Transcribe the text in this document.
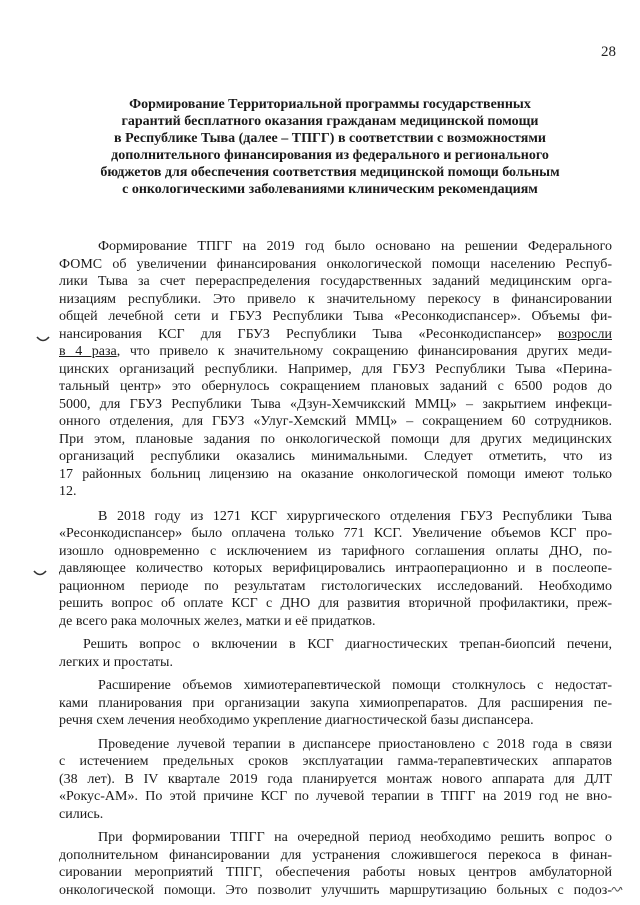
28
Формирование Территориальной программы государственных
гарантий бесплатного оказания гражданам медицинской помощи
в Республике Тыва (далее – ТПГГ) в соответствии с возможностями
дополнительного финансирования из федерального и регионального
бюджетов для обеспечения соответствия медицинской помощи больным
с онкологическими заболеваниями клиническим рекомендациям
Формирование ТПГГ на 2019 год было основано на решении Федерального
ФОМС об увеличении финансирования онкологической помощи населению Респуб-
лики Тыва за счет перераспределения государственных заданий медицинским орга-
низациям республики. Это привело к значительному перекосу в финансировании
общей лечебной сети и ГБУЗ Республики Тыва «Ресонкодиспансер». Объемы фи-
нансирования КСГ для ГБУЗ Республики Тыва «Ресонкодиспансер» возросли
в 4 раза, что привело к значительному сокращению финансирования других меди-
цинских организаций республики. Например, для ГБУЗ Республики Тыва «Перина-
тальный центр» это обернулось сокращением плановых заданий с 6500 родов до
5000, для ГБУЗ Республики Тыва «Дзун-Хемчикский ММЦ» – закрытием инфекци-
онного отделения, для ГБУЗ «Улуг-Хемский ММЦ» – сокращением 60 сотрудников.
При этом, плановые задания по онкологической помощи для других медицинских
организаций республики оказались минимальными. Следует отметить, что из
17 районных больниц лицензию на оказание онкологической помощи имеют только
12.
В 2018 году из 1271 КСГ хирургического отделения ГБУЗ Республики Тыва
«Ресонкодиспансер» было оплачена только 771 КСГ. Увеличение объемов КСГ про-
изошло одновременно с исключением из тарифного соглашения оплаты ДНО, по-
давляющее количество которых верифицировались интраоперационно и в послеопе-
рационном периоде по результатам гистологических исследований. Необходимо
решить вопрос об оплате КСГ с ДНО для развития вторичной профилактики, преж-
де всего рака молочных желез, матки и её придатков.
Решить вопрос о включении в КСГ диагностических трепан-биопсий печени,
легких и простаты.
Расширение объемов химиотерапевтической помощи столкнулось с недостат-
ками планирования при организации закупа химиопрепаратов. Для расширения пе-
речня схем лечения необходимо укрепление диагностической базы диспансера.
Проведение лучевой терапии в диспансере приостановлено с 2018 года в связи
с истечением предельных сроков эксплуатации гамма-терапевтических аппаратов
(38 лет). В IV квартале 2019 года планируется монтаж нового аппарата для ДЛТ
«Рокус-АМ». По этой причине КСГ по лучевой терапии в ТПГГ на 2019 год не вно-
сились.
При формировании ТПГГ на очередной период необходимо решить вопрос о
дополнительном финансировании для устранения сложившегося перекоса в финан-
сировании мероприятий ТПГГ, обеспечения работы новых центров амбулаторной
онкологической помощи. Это позволит улучшить маршрутизацию больных с подоз-
